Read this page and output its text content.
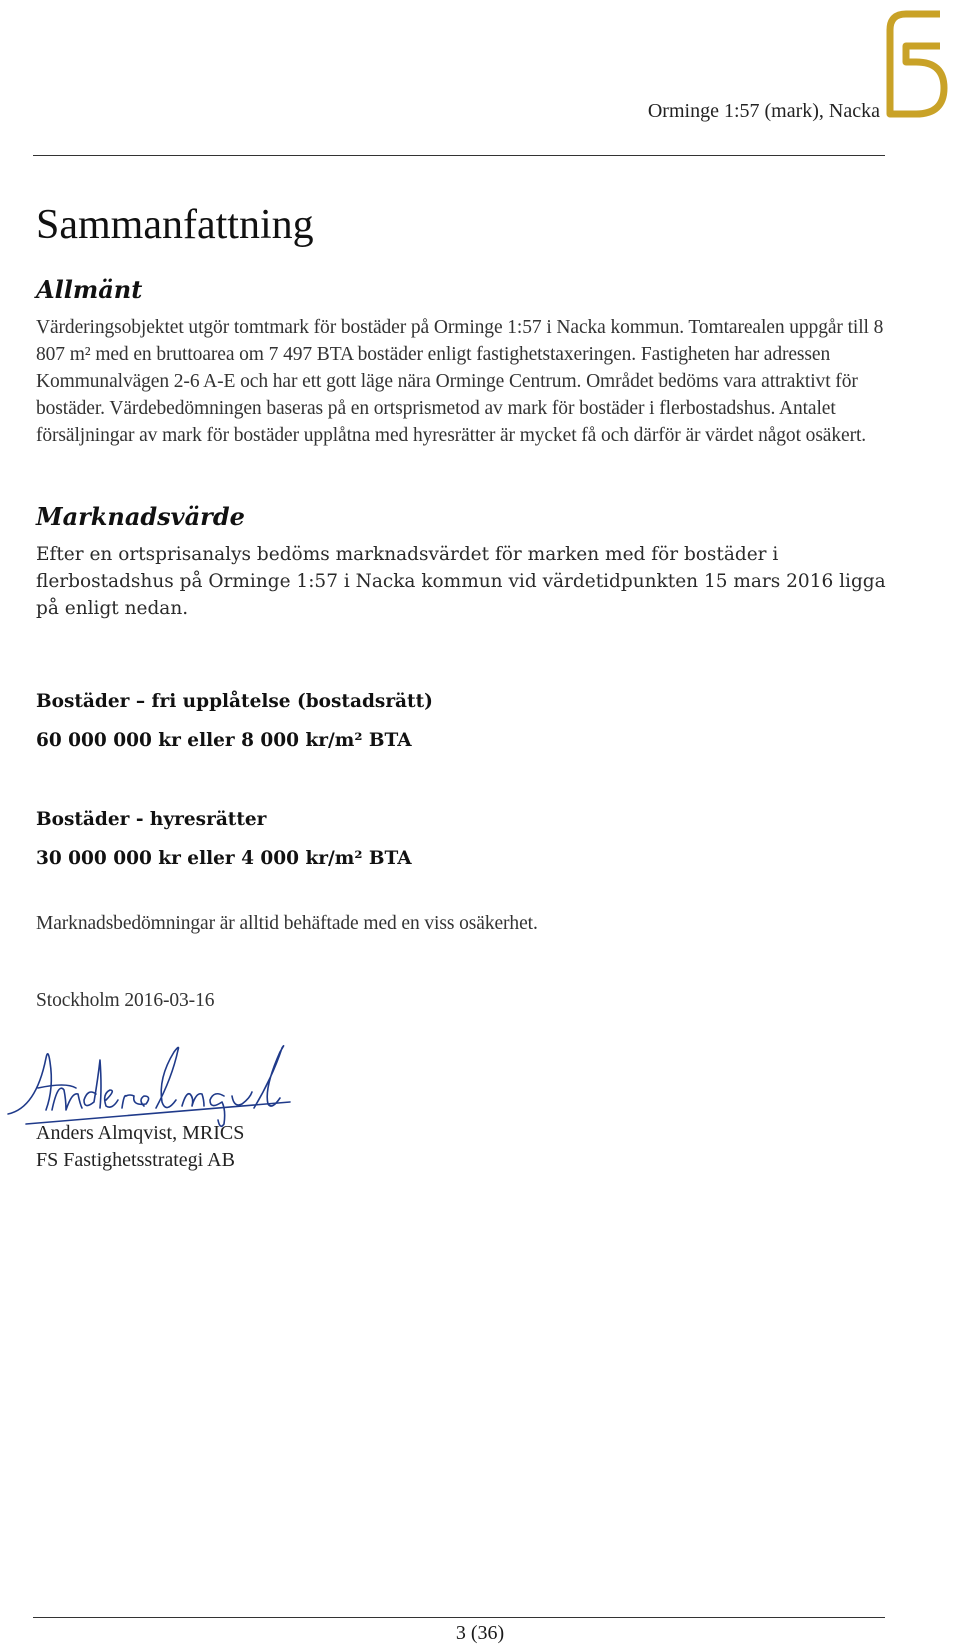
Orminge 1:57 (mark), Nacka
Sammanfattning
Allmänt

Värderingsobjektet utgör tomtmark för bostäder på Orminge 1:57 i Nacka kommun. Tomtarealen uppgår till 8 807 m² med en bruttoarea om 7 497 BTA bostäder enligt fastighetstaxeringen. Fastigheten har adressen Kommunalvägen 2-6 A-E och har ett gott läge nära Orminge Centrum. Området bedöms vara attraktivt för bostäder. Värdebedömningen baseras på en ortsprismetod av mark för bostäder i flerbostadshus. Antalet försäljningar av mark för bostäder upplåtna med hyresrätter är mycket få och därför är värdet något osäkert.

Marknadsvärde

Efter en ortsprisanalys bedöms marknadsvärdet för marken med för bostäder i flerbostadshus på Orminge 1:57 i Nacka kommun vid värdetidpunkten 15 mars 2016 ligga på enligt nedan.

Bostäder – fri upplåtelse (bostadsrätt)

60 000 000 kr eller 8 000 kr/m² BTA

Bostäder - hyresrätter

30 000 000 kr eller 4 000 kr/m² BTA

Marknadsbedömningar är alltid behäftade med en viss osäkerhet.

Stockholm 2016-03-16

Anders Almqvist, MRICS
FS Fastighetsstrategi AB
3 (36)
